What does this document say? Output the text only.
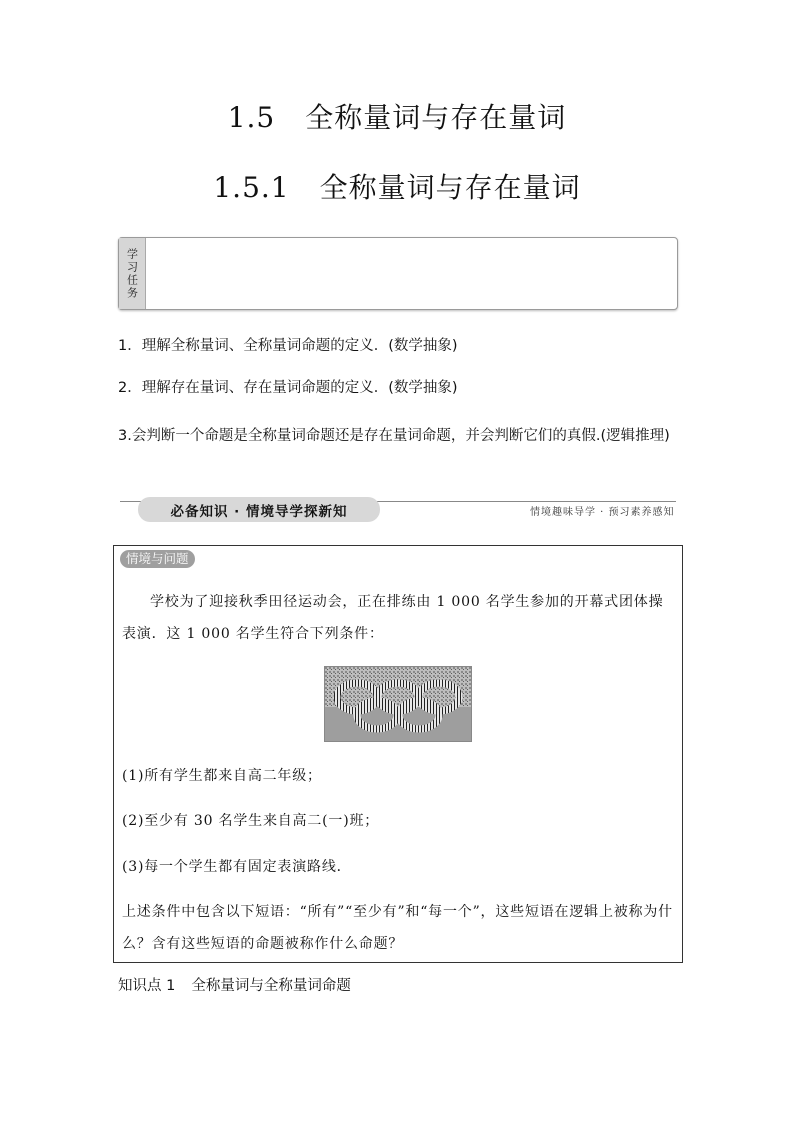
1.5 全称量词与存在量词
1.5.1 全称量词与存在量词
学习任务
1．理解全称量词、全称量词命题的定义．(数学抽象)
2．理解存在量词、存在量词命题的定义．(数学抽象)
3.会判断一个命题是全称量词命题还是存在量词命题，并会判断它们的真假.(逻辑推理)
必备知识 · 情境导学探新知	情境趣味导学 · 预习素养感知
情境与问题
学校为了迎接秋季田径运动会，正在排练由 1 000 名学生参加的开幕式团体操表演．这 1 000 名学生符合下列条件：
(1)所有学生都来自高二年级；
(2)至少有 30 名学生来自高二(一)班；
(3)每一个学生都有固定表演路线．
上述条件中包含以下短语：“所有”“至少有”和“每一个”，这些短语在逻辑上被称为什么？含有这些短语的命题被称作什么命题？
知识点 1 全称量词与全称量词命题
